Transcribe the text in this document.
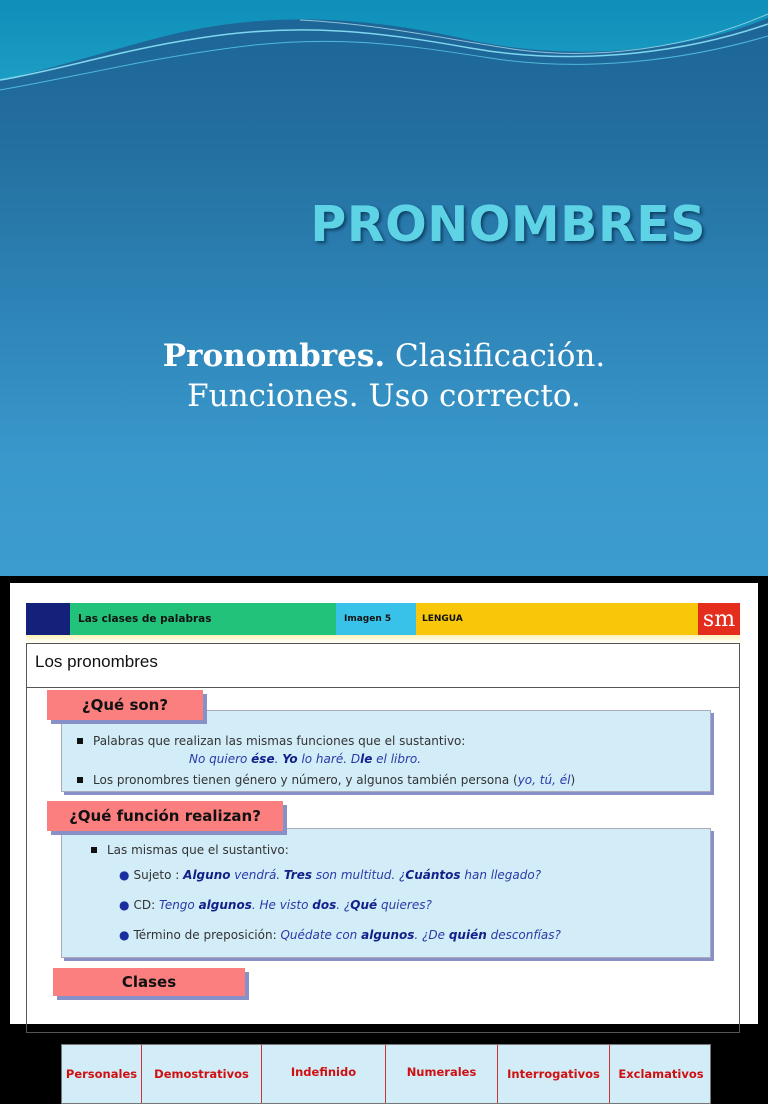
PRONOMBRES
Pronombres. Clasificación.
Funciones. Uso correcto.
Las clases de palabras	Imagen 5	LENGUA	sm
Los pronombres
¿Qué son?
Palabras que realizan las mismas funciones que el sustantivo:
No quiero ése. Yo lo haré. Dle el libro.
Los pronombres tienen género y número, y algunos también persona (yo, tú, él)
¿Qué función realizan?
Las mismas que el sustantivo:
● Sujeto : Alguno vendrá. Tres son multitud. ¿Cuántos han llegado?
● CD: Tengo algunos. He visto dos. ¿Qué quieres?
● Término de preposición: Quédate con algunos. ¿De quién desconfías?
Personales	Demostrativos	Indefinido	Numerales	Interrogativos	Exclamativos
Clases
